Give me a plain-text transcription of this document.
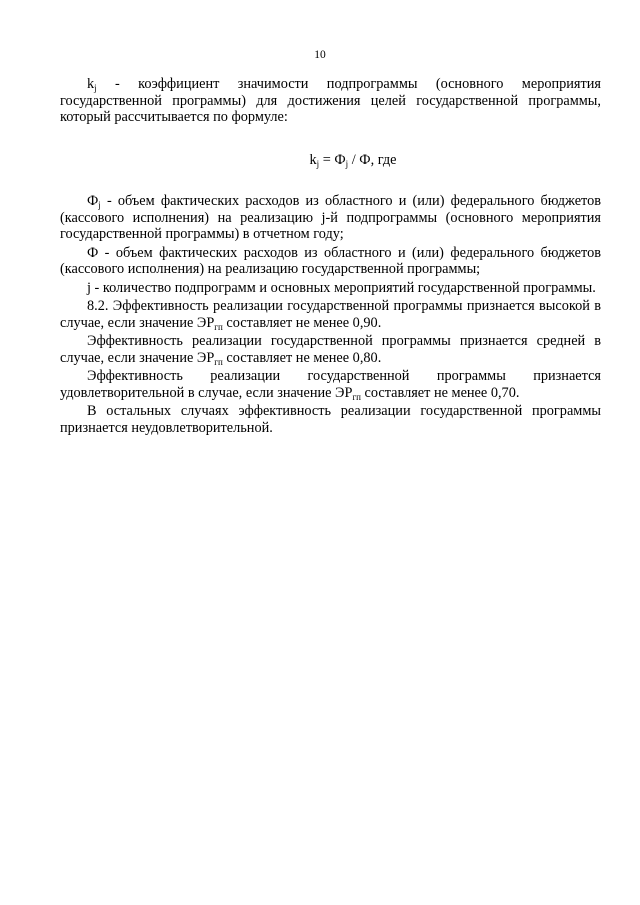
10

$k_j$ - коэффициент значимости подпрограммы (основного мероприятия государственной программы) для достижения целей государственной программы, который рассчитывается по формуле:

$k_j = Ф_j / Ф$, где

$Ф_j$ - объем фактических расходов из областного и (или) федерального бюджетов (кассового исполнения) на реализацию j-й подпрограммы (основного мероприятия государственной программы) в отчетном году;

Ф - объем фактических расходов из областного и (или) федерального бюджетов (кассового исполнения) на реализацию государственной программы;

j - количество подпрограмм и основных мероприятий государственной программы.

8.2. Эффективность реализации государственной программы признается высокой в случае, если значение $ЭР_{гп}$ составляет не менее 0,90.

Эффективность реализации государственной программы признается средней в случае, если значение $ЭР_{гп}$ составляет не менее 0,80.

Эффективность реализации государственной программы признается удовлетворительной в случае, если значение $ЭР_{гп}$ составляет не менее 0,70.

В остальных случаях эффективность реализации государственной программы признается неудовлетворительной.
